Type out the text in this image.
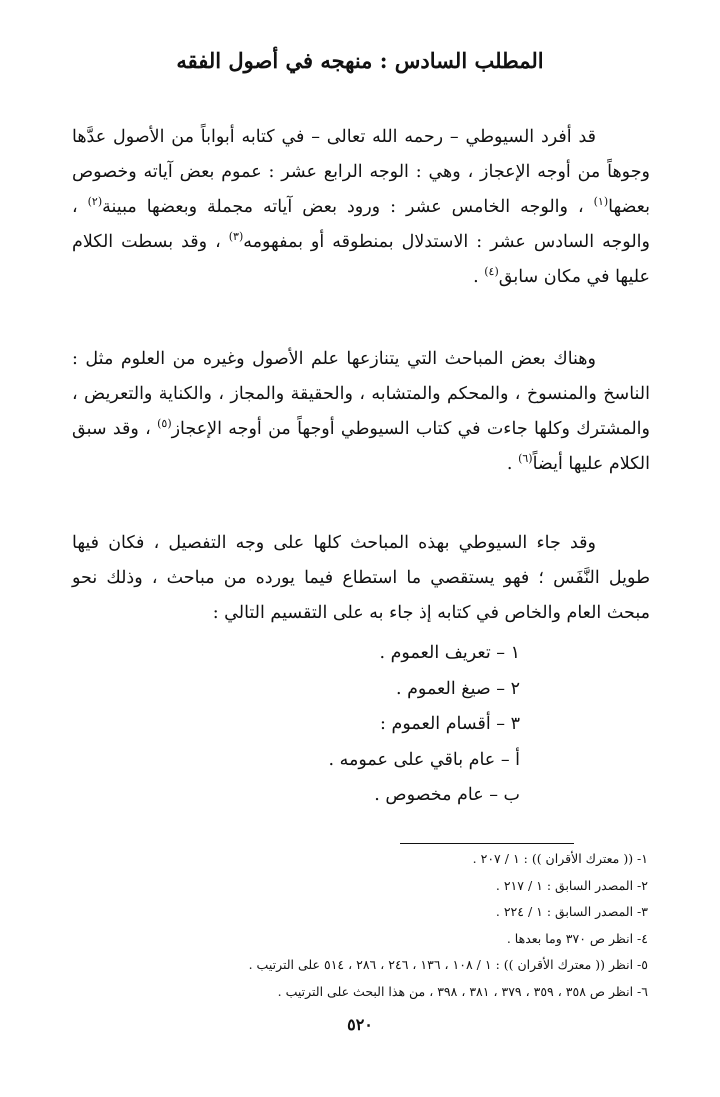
المطلب السادس : منهجه في أصول الفقه

قد أفرد السيوطي – رحمه الله تعالى – في كتابه أبواباً من الأصول عدَّها وجوهاً من أوجه الإعجاز ، وهي : الوجه الرابع عشر : عموم بعض آياته وخصوص بعضها$^{(١)}$ ، والوجه الخامس عشر : ورود بعض آياته مجملة وبعضها مبينة$^{(٢)}$ ، والوجه السادس عشر : الاستدلال بمنطوقه أو بمفهومه$^{(٣)}$ ، وقد بسطت الكلام عليها في مكان سابق$^{(٤)}$ .

وهناك بعض المباحث التي يتنازعها علم الأصول وغيره من العلوم مثل : الناسخ والمنسوخ ، والمحكم والمتشابه ، والحقيقة والمجاز ، والكناية والتعريض ، والمشترك وكلها جاءت في كتاب السيوطي أوجهاً من أوجه الإعجاز$^{(٥)}$ ، وقد سبق الكلام عليها أيضاً$^{(٦)}$ .

وقد جاء السيوطي بهذه المباحث كلها على وجه التفصيل ، فكان فيها طويل النَّفَس ؛ فهو يستقصي ما استطاع فيما يورده من مباحث ، وذلك نحو مبحث العام والخاص في كتابه إذ جاء به على التقسيم التالي :

١ – تعريف العموم .
٢ – صيغ العموم .
٣ – أقسام العموم :
أ – عام باقي على عمومه .
ب – عام مخصوص .
١- (( معترك الأقران )) : ١ / ٢٠٧ .
٢- المصدر السابق : ١ / ٢١٧ .
٣- المصدر السابق : ١ / ٢٢٤ .
٤- انظر ص ٣٧٠ وما بعدها .
٥- انظر (( معترك الأقران )) : ١ / ١٠٨ ، ١٣٦ ، ٢٤٦ ، ٢٨٦ ، ٥١٤ على الترتيب .
٦- انظر ص ٣٥٨ ، ٣٥٩ ، ٣٧٩ ، ٣٨١ ، ٣٩٨ ، من هذا البحث على الترتيب .
٥٢٠
